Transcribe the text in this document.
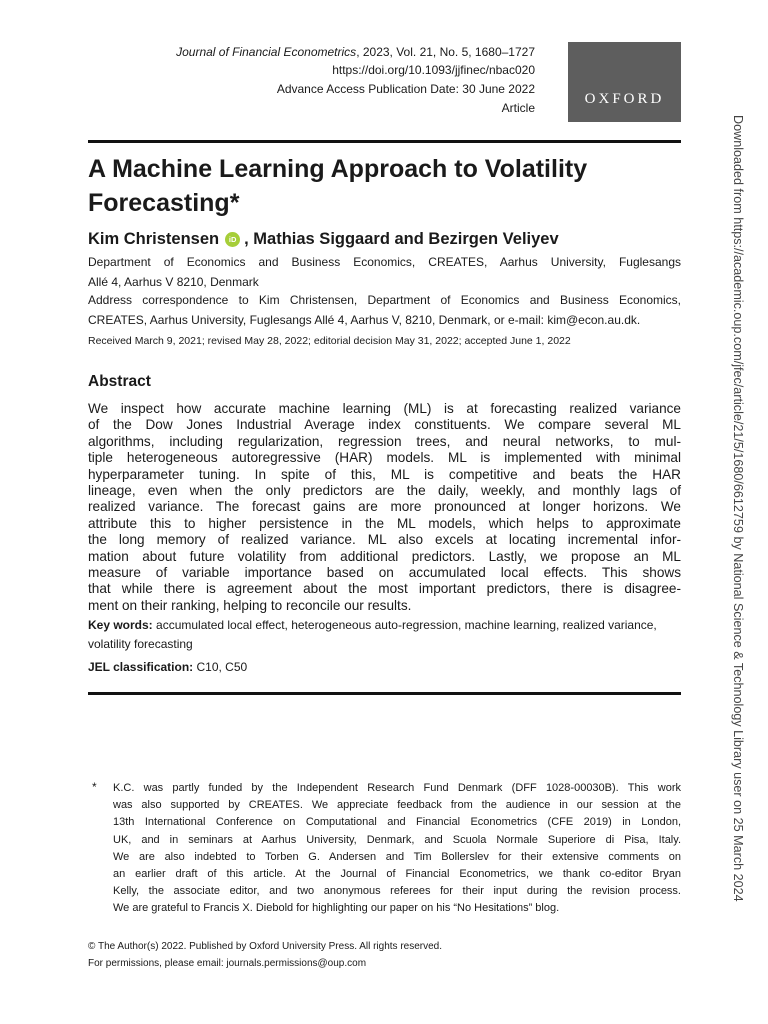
Journal of Financial Econometrics, 2023, Vol. 21, No. 5, 1680–1727
https://doi.org/10.1093/jjfinec/nbac020
Advance Access Publication Date: 30 June 2022
Article
OXFORD
A Machine Learning Approach to Volatility Forecasting*
Kim Christensen	iD , Mathias Siggaard and Bezirgen Veliyev
Department of Economics and Business Economics, CREATES, Aarhus University, Fuglesangs
Allé 4, Aarhus V 8210, Denmark
Address correspondence to Kim Christensen, Department of Economics and Business Economics,
CREATES, Aarhus University, Fuglesangs Allé 4, Aarhus V, 8210, Denmark, or e-mail: kim@econ.au.dk.
Received March 9, 2021; revised May 28, 2022; editorial decision May 31, 2022; accepted June 1, 2022
Abstract
We inspect how accurate machine learning (ML) is at forecasting realized variance
of the Dow Jones Industrial Average index constituents. We compare several ML
algorithms, including regularization, regression trees, and neural networks, to mul-
tiple heterogeneous autoregressive (HAR) models. ML is implemented with minimal
hyperparameter tuning. In spite of this, ML is competitive and beats the HAR
lineage, even when the only predictors are the daily, weekly, and monthly lags of
realized variance. The forecast gains are more pronounced at longer horizons. We
attribute this to higher persistence in the ML models, which helps to approximate
the long memory of realized variance. ML also excels at locating incremental infor-
mation about future volatility from additional predictors. Lastly, we propose an ML
measure of variable importance based on accumulated local effects. This shows
that while there is agreement about the most important predictors, there is disagree-
ment on their ranking, helping to reconcile our results.
Key words: accumulated local effect, heterogeneous auto-regression, machine learning, realized variance, volatility forecasting
JEL classification: C10, C50
* K.C. was partly funded by the Independent Research Fund Denmark (DFF 1028-00030B). This work
was also supported by CREATES. We appreciate feedback from the audience in our session at the
13th International Conference on Computational and Financial Econometrics (CFE 2019) in London,
UK, and in seminars at Aarhus University, Denmark, and Scuola Normale Superiore di Pisa, Italy.
We are also indebted to Torben G. Andersen and Tim Bollerslev for their extensive comments on
an earlier draft of this article. At the Journal of Financial Econometrics, we thank co-editor Bryan
Kelly, the associate editor, and two anonymous referees for their input during the revision process.
We are grateful to Francis X. Diebold for highlighting our paper on his “No Hesitations” blog.
© The Author(s) 2022. Published by Oxford University Press. All rights reserved.
For permissions, please email: journals.permissions@oup.com
Downloaded from https://academic.oup.com/jfec/article/21/5/1680/6612759 by National Science & Technology Library user on 25 March 2024
